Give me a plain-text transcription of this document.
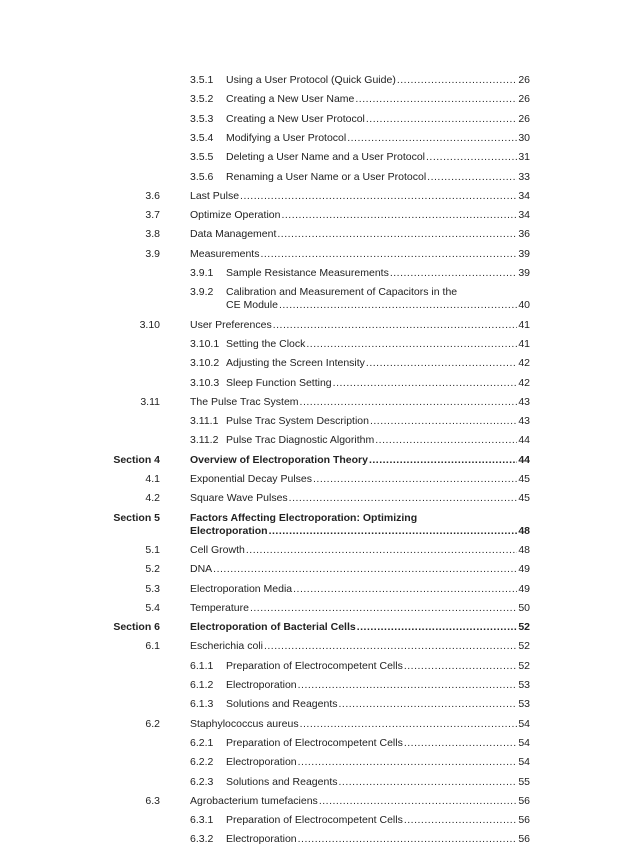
3.5.1 Using a User Protocol (Quick Guide) .....	26
3.5.2 Creating a New User Name .....	26
3.5.3 Creating a New User Protocol .....	26
3.5.4 Modifying a User Protocol .....	30
3.5.5 Deleting a User Name and a User Protocol .....	31
3.5.6 Renaming a User Name or a User Protocol .....	33
3.6	Last Pulse .....	34
3.7	Optimize Operation .....	34
3.8	Data Management .....	36
3.9	Measurements .....	39
3.9.1 Sample Resistance Measurements .....	39
3.9.2 Calibration and Measurement of Capacitors in the
CE Module .....	40
3.10	User Preferences .....	41
3.10.1 Setting the Clock .....	41
3.10.2 Adjusting the Screen Intensity .....	42
3.10.3 Sleep Function Setting .....	42
3.11	The Pulse Trac System .....	43
3.11.1 Pulse Trac System Description .....	43
3.11.2 Pulse Trac Diagnostic Algorithm .....	44
Section 4	Overview of Electroporation Theory .....	44
4.1	Exponential Decay Pulses .....	45
4.2	Square Wave Pulses .....	45
Section 5	Factors Affecting Electroporation: Optimizing
Electroporation .....	48
5.1	Cell Growth .....	48
5.2	DNA .....	49
5.3	Electroporation Media .....	49
5.4	Temperature .....	50
Section 6	Electroporation of Bacterial Cells .....	52
6.1	Escherichia coli .....	52
6.1.1 Preparation of Electrocompetent Cells .....	52
6.1.2 Electroporation .....	53
6.1.3 Solutions and Reagents .....	53
6.2	Staphylococcus aureus .....	54
6.2.1 Preparation of Electrocompetent Cells .....	54
6.2.2 Electroporation .....	54
6.2.3 Solutions and Reagents .....	55
6.3	Agrobacterium tumefaciens .....	56
6.3.1 Preparation of Electrocompetent Cells .....	56
6.3.2 Electroporation .....	56
